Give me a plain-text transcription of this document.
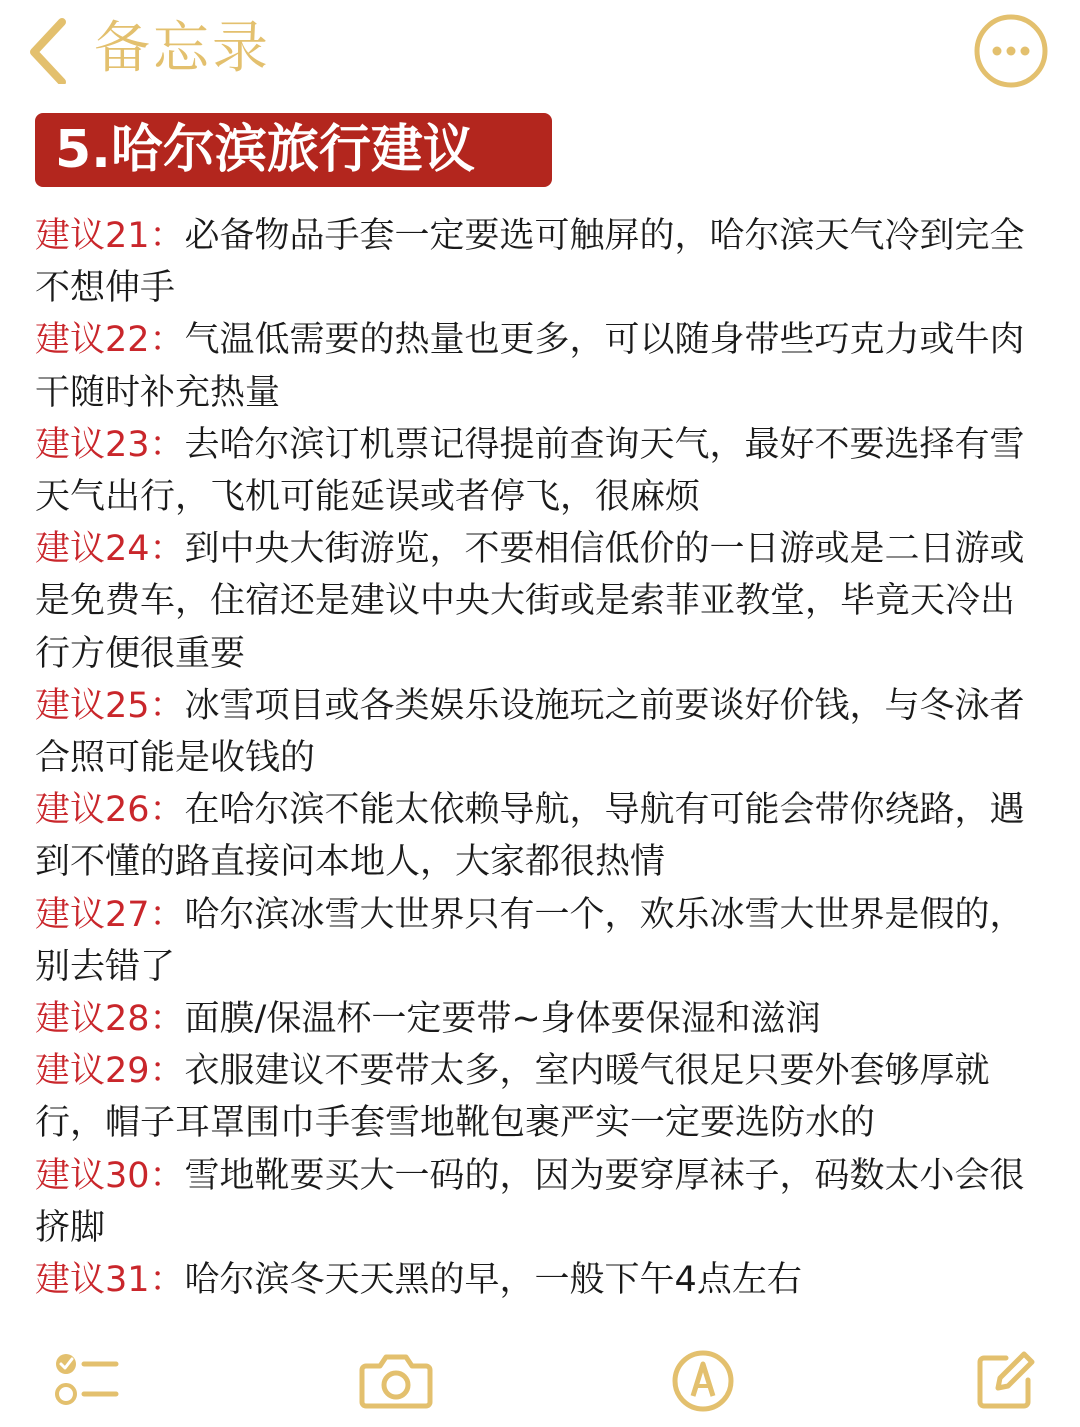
备忘录
5.哈尔滨旅行建议

建议21：必备物品手套一定要选可触屏的，哈尔滨天气冷到完全不想伸手

建议22：气温低需要的热量也更多，可以随身带些巧克力或牛肉干随时补充热量

建议23：去哈尔滨订机票记得提前查询天气，最好不要选择有雪天气出行，飞机可能延误或者停飞，很麻烦

建议24：到中央大街游览，不要相信低价的一日游或是二日游或是免费车，住宿还是建议中央大街或是索菲亚教堂，毕竟天冷出行方便很重要

建议25：冰雪项目或各类娱乐设施玩之前要谈好价钱，与冬泳者合照可能是收钱的

建议26：在哈尔滨不能太依赖导航，导航有可能会带你绕路，遇到不懂的路直接问本地人，大家都很热情

建议27：哈尔滨冰雪大世界只有一个，欢乐冰雪大世界是假的，别去错了

建议28：面膜/保温杯一定要带~身体要保湿和滋润

建议29：衣服建议不要带太多，室内暖气很足只要外套够厚就行，帽子耳罩围巾手套雪地靴包裹严实一定要选防水的

建议30：雪地靴要买大一码的，因为要穿厚袜子，码数太小会很挤脚

建议31：哈尔滨冬天天黑的早，一般下午4点左右
